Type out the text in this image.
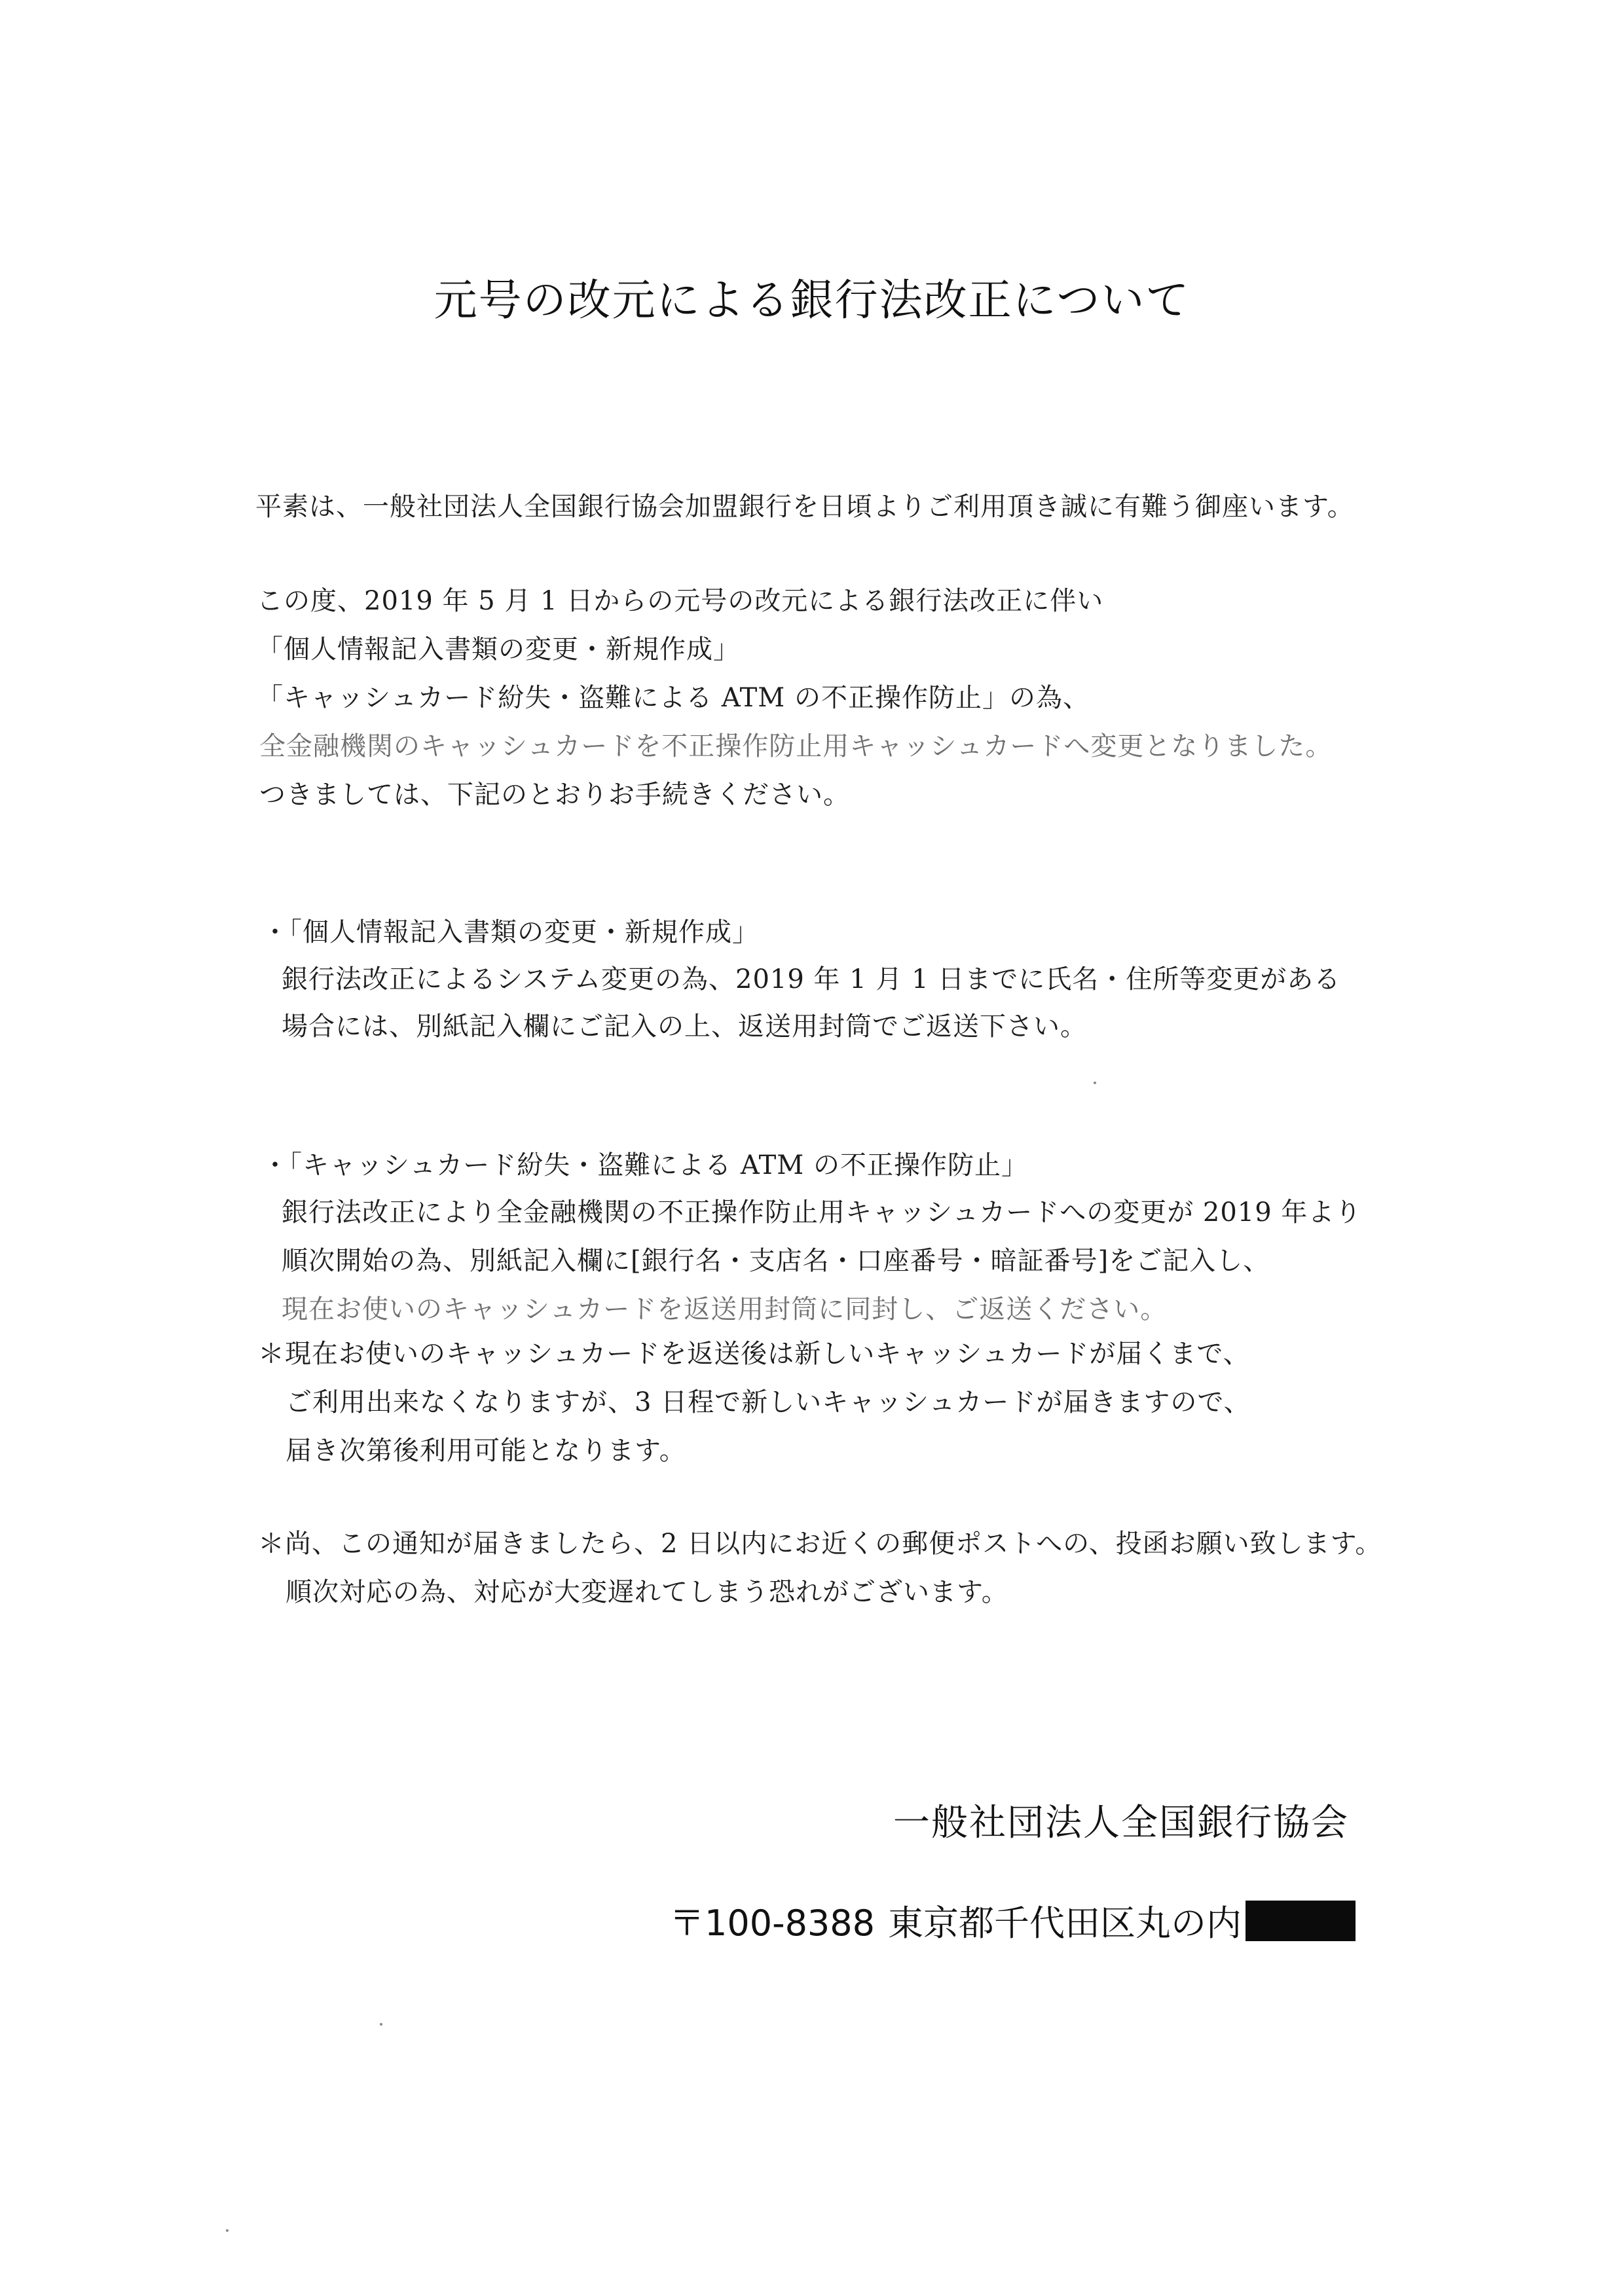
元号の改元による銀行法改正について
平素は、一般社団法人全国銀行協会加盟銀行を日頃よりご利用頂き誠に有難う御座います。
この度、2019 年 5 月 1 日からの元号の改元による銀行法改正に伴い
「個人情報記入書類の変更・新規作成」
「キャッシュカード紛失・盗難による ATM の不正操作防止」の為、
全金融機関のキャッシュカードを不正操作防止用キャッシュカードへ変更となりました。
つきましては、下記のとおりお手続きください。
・「個人情報記入書類の変更・新規作成」
銀行法改正によるシステム変更の為、2019 年 1 月 1 日までに氏名・住所等変更がある
場合には、別紙記入欄にご記入の上、返送用封筒でご返送下さい。
・「キャッシュカード紛失・盗難による ATM の不正操作防止」
銀行法改正により全金融機関の不正操作防止用キャッシュカードへの変更が 2019 年より
順次開始の為、別紙記入欄に[銀行名・支店名・口座番号・暗証番号]をご記入し、
現在お使いのキャッシュカードを返送用封筒に同封し、ご返送ください。
＊現在お使いのキャッシュカードを返送後は新しいキャッシュカードが届くまで、
ご利用出来なくなりますが、3 日程で新しいキャッシュカードが届きますので、
届き次第後利用可能となります。
＊尚、この通知が届きましたら、2 日以内にお近くの郵便ポストへの、投函お願い致します。
順次対応の為、対応が大変遅れてしまう恐れがございます。
一般社団法人全国銀行協会
〒100-8388 東京都千代田区丸の内
